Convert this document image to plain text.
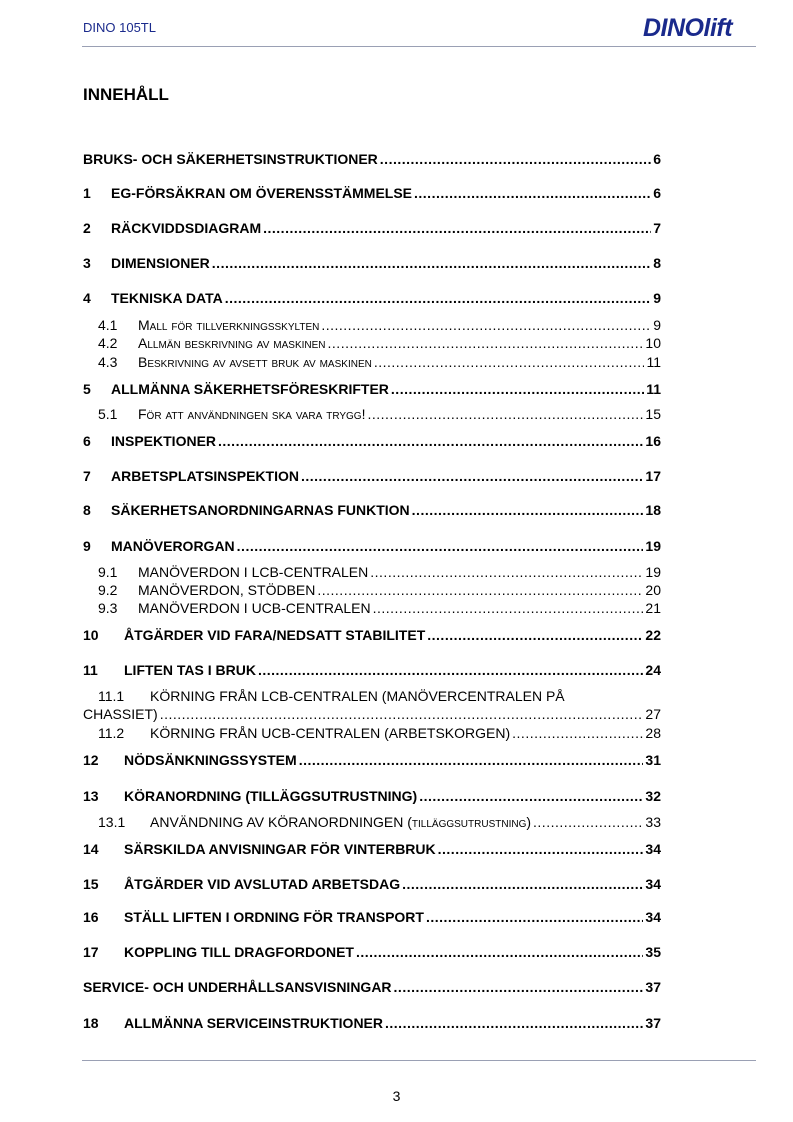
DINO 105TL	DINOlift
INNEHÅLL
BRUKS- OCH SÄKERHETSINSTRUKTIONER .....	6
1 EG-FÖRSÄKRAN OM ÖVERENSSTÄMMELSE .....	6
2 RÄCKVIDDSDIAGRAM .....	7
3 DIMENSIONER .....	8
4 TEKNISKA DATA .....	9
4.1 Mall för tillverkningsskylten .....	9
4.2 Allmän beskrivning av maskinen .....	10
4.3 Beskrivning av avsett bruk av maskinen .....	11
5 ALLMÄNNA SÄKERHETSFÖRESKRIFTER .....	11
5.1 För att användningen ska vara trygg! .....	15
6 INSPEKTIONER .....	16
7 ARBETSPLATSINSPEKTION .....	17
8 SÄKERHETSANORDNINGARNAS FUNKTION .....	18
9 MANÖVERORGAN .....	19
9.1 MANÖVERDON I LCB-CENTRALEN .....	19
9.2 MANÖVERDON, STÖDBEN .....	20
9.3 MANÖVERDON I UCB-CENTRALEN .....	21
10 ÅTGÄRDER VID FARA/NEDSATT STABILITET .....	22
11 LIFTEN TAS I BRUK .....	24
11.1 KÖRNING FRÅN LCB-CENTRALEN (MANÖVERCENTRALEN PÅ
CHASSIET) .....	27
11.2 KÖRNING FRÅN UCB-CENTRALEN (ARBETSKORGEN) .....	28
12 NÖDSÄNKNINGSSYSTEM .....	31
13 KÖRANORDNING (TILLÄGGSUTRUSTNING) .....	32
13.1 ANVÄNDNING AV KÖRANORDNINGEN (tilläggsutrustning) .....	33
14 SÄRSKILDA ANVISNINGAR FÖR VINTERBRUK .....	34
15 ÅTGÄRDER VID AVSLUTAD ARBETSDAG .....	34
16 STÄLL LIFTEN I ORDNING FÖR TRANSPORT .....	34
17 KOPPLING TILL DRAGFORDONET .....	35
SERVICE- OCH UNDERHÅLLSANSVISNINGAR .....	37
18 ALLMÄNNA SERVICEINSTRUKTIONER .....	37
3
